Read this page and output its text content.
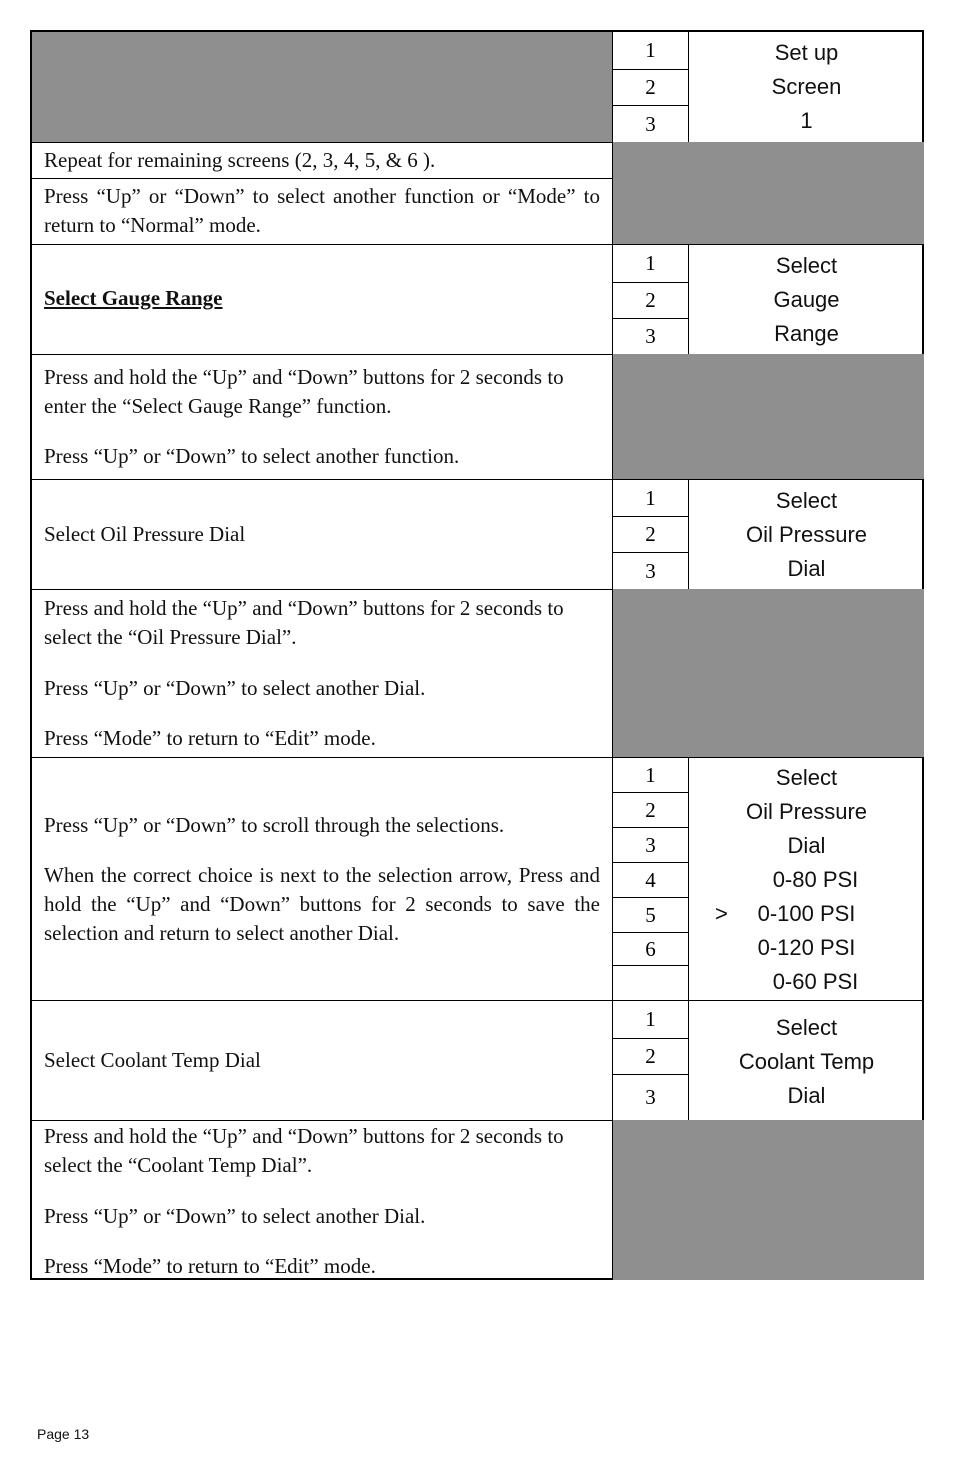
1
2
3
Set up
Screen
1
Repeat for remaining screens (2, 3, 4, 5, & 6 ).
Press “Up” or “Down” to select another function or “Mode” to return to “Normal” mode.
Select Gauge Range
1
2
3
Select
Gauge
Range
Press and hold the “Up” and “Down” buttons for 2 seconds to enter the “Select Gauge Range” function.
Press “Up” or “Down” to select another function.
Select Oil Pressure Dial
1
2
3
Select
Oil Pressure
Dial
Press and hold the “Up” and “Down” buttons for 2 seconds to select the “Oil Pressure Dial”.
Press “Up” or “Down” to select another Dial.
Press “Mode” to return to “Edit” mode.
Press “Up” or “Down” to scroll through the selections.
When the correct choice is next to the selection arrow, Press and hold the “Up” and “Down” buttons for 2 seconds to save the selection and return to select another Dial.
1
2
3
4
5
6
Select
Oil Pressure
Dial
0-80 PSI
> 0-100 PSI
0-120 PSI
0-60 PSI
Select Coolant Temp Dial
1
2
3
Select
Coolant Temp
Dial
Press and hold the “Up” and “Down” buttons for 2 seconds to select the “Coolant Temp Dial”.
Press “Up” or “Down” to select another Dial.
Press “Mode” to return to “Edit” mode.
Page 13
